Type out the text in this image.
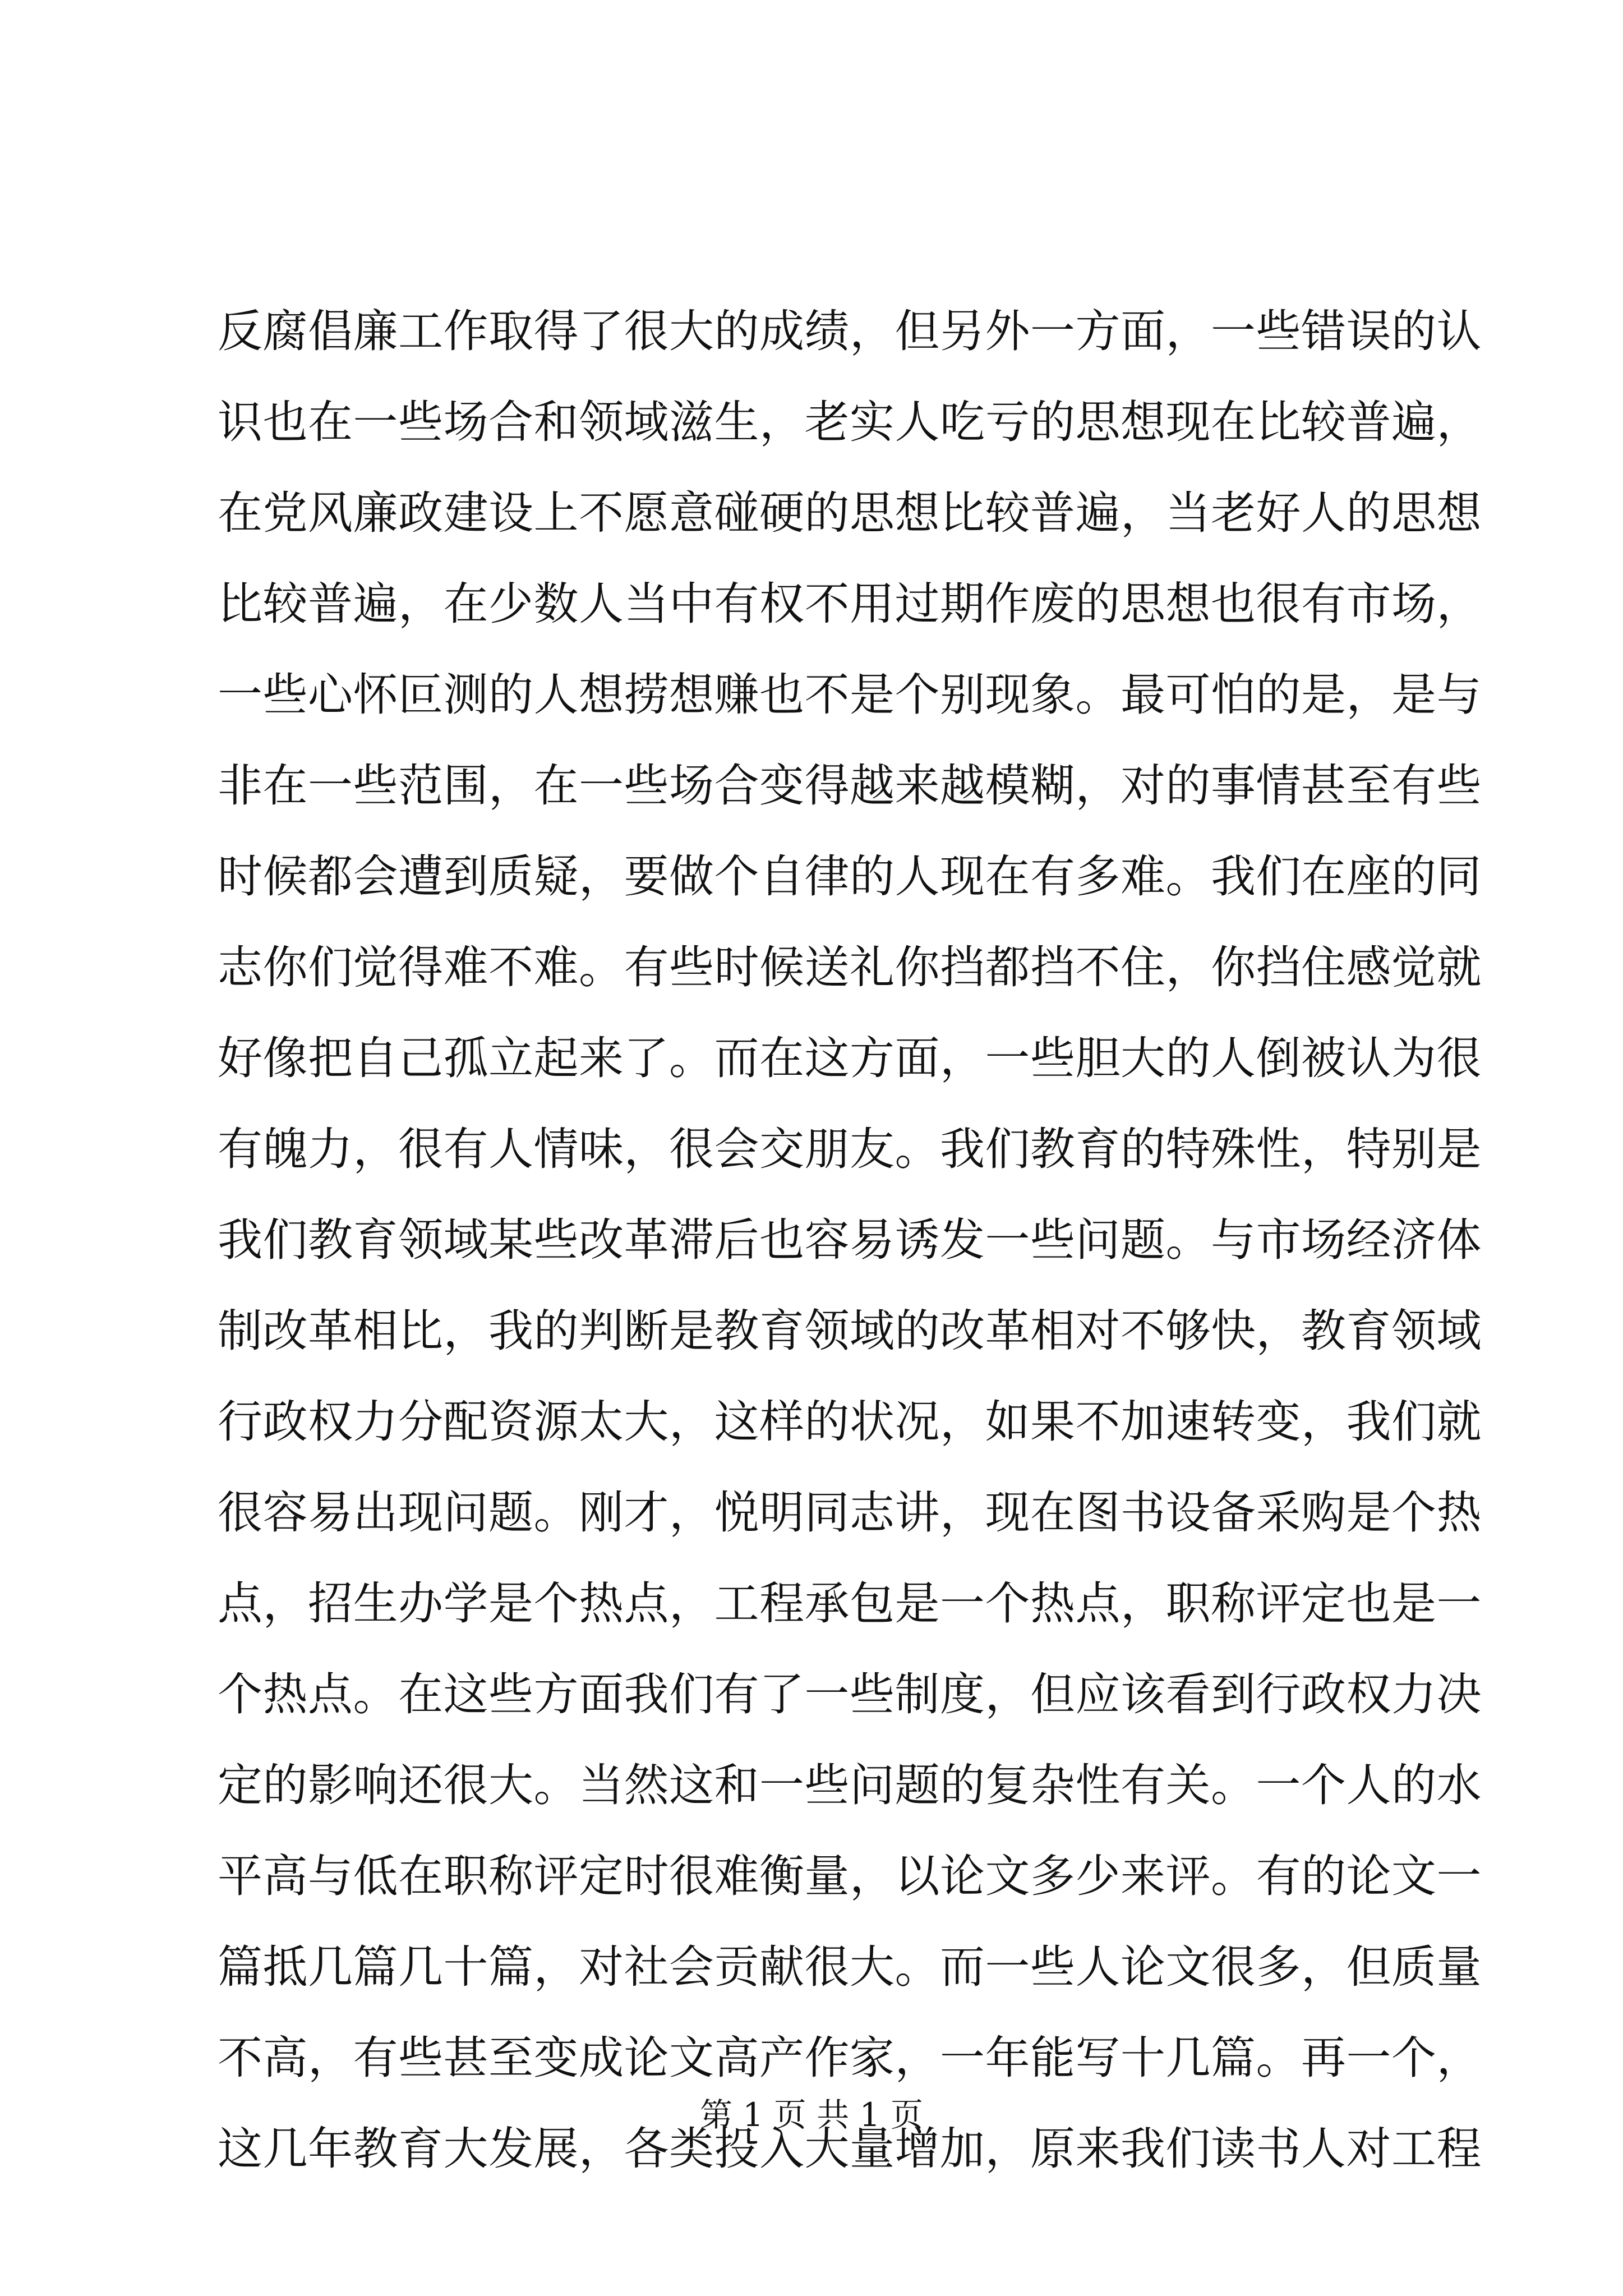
反腐倡廉工作取得了很大的成绩，但另外一方面，一些错误的认
识也在一些场合和领域滋生，老实人吃亏的思想现在比较普遍，
在党风廉政建设上不愿意碰硬的思想比较普遍，当老好人的思想
比较普遍，在少数人当中有权不用过期作废的思想也很有市场，
一些心怀叵测的人想捞想赚也不是个别现象。最可怕的是，是与
非在一些范围，在一些场合变得越来越模糊，对的事情甚至有些
时候都会遭到质疑，要做个自律的人现在有多难。我们在座的同
志你们觉得难不难。有些时候送礼你挡都挡不住，你挡住感觉就
好像把自己孤立起来了。而在这方面，一些胆大的人倒被认为很
有魄力，很有人情味，很会交朋友。我们教育的特殊性，特别是
我们教育领域某些改革滞后也容易诱发一些问题。与市场经济体
制改革相比，我的判断是教育领域的改革相对不够快，教育领域
行政权力分配资源太大，这样的状况，如果不加速转变，我们就
很容易出现问题。刚才，悦明同志讲，现在图书设备采购是个热
点，招生办学是个热点，工程承包是一个热点，职称评定也是一
个热点。在这些方面我们有了一些制度，但应该看到行政权力决
定的影响还很大。当然这和一些问题的复杂性有关。一个人的水
平高与低在职称评定时很难衡量，以论文多少来评。有的论文一
篇抵几篇几十篇，对社会贡献很大。而一些人论文很多，但质量
不高，有些甚至变成论文高产作家，一年能写十几篇。再一个，
这几年教育大发展，各类投入大量增加，原来我们读书人对工程
第 1 页 共 1 页
